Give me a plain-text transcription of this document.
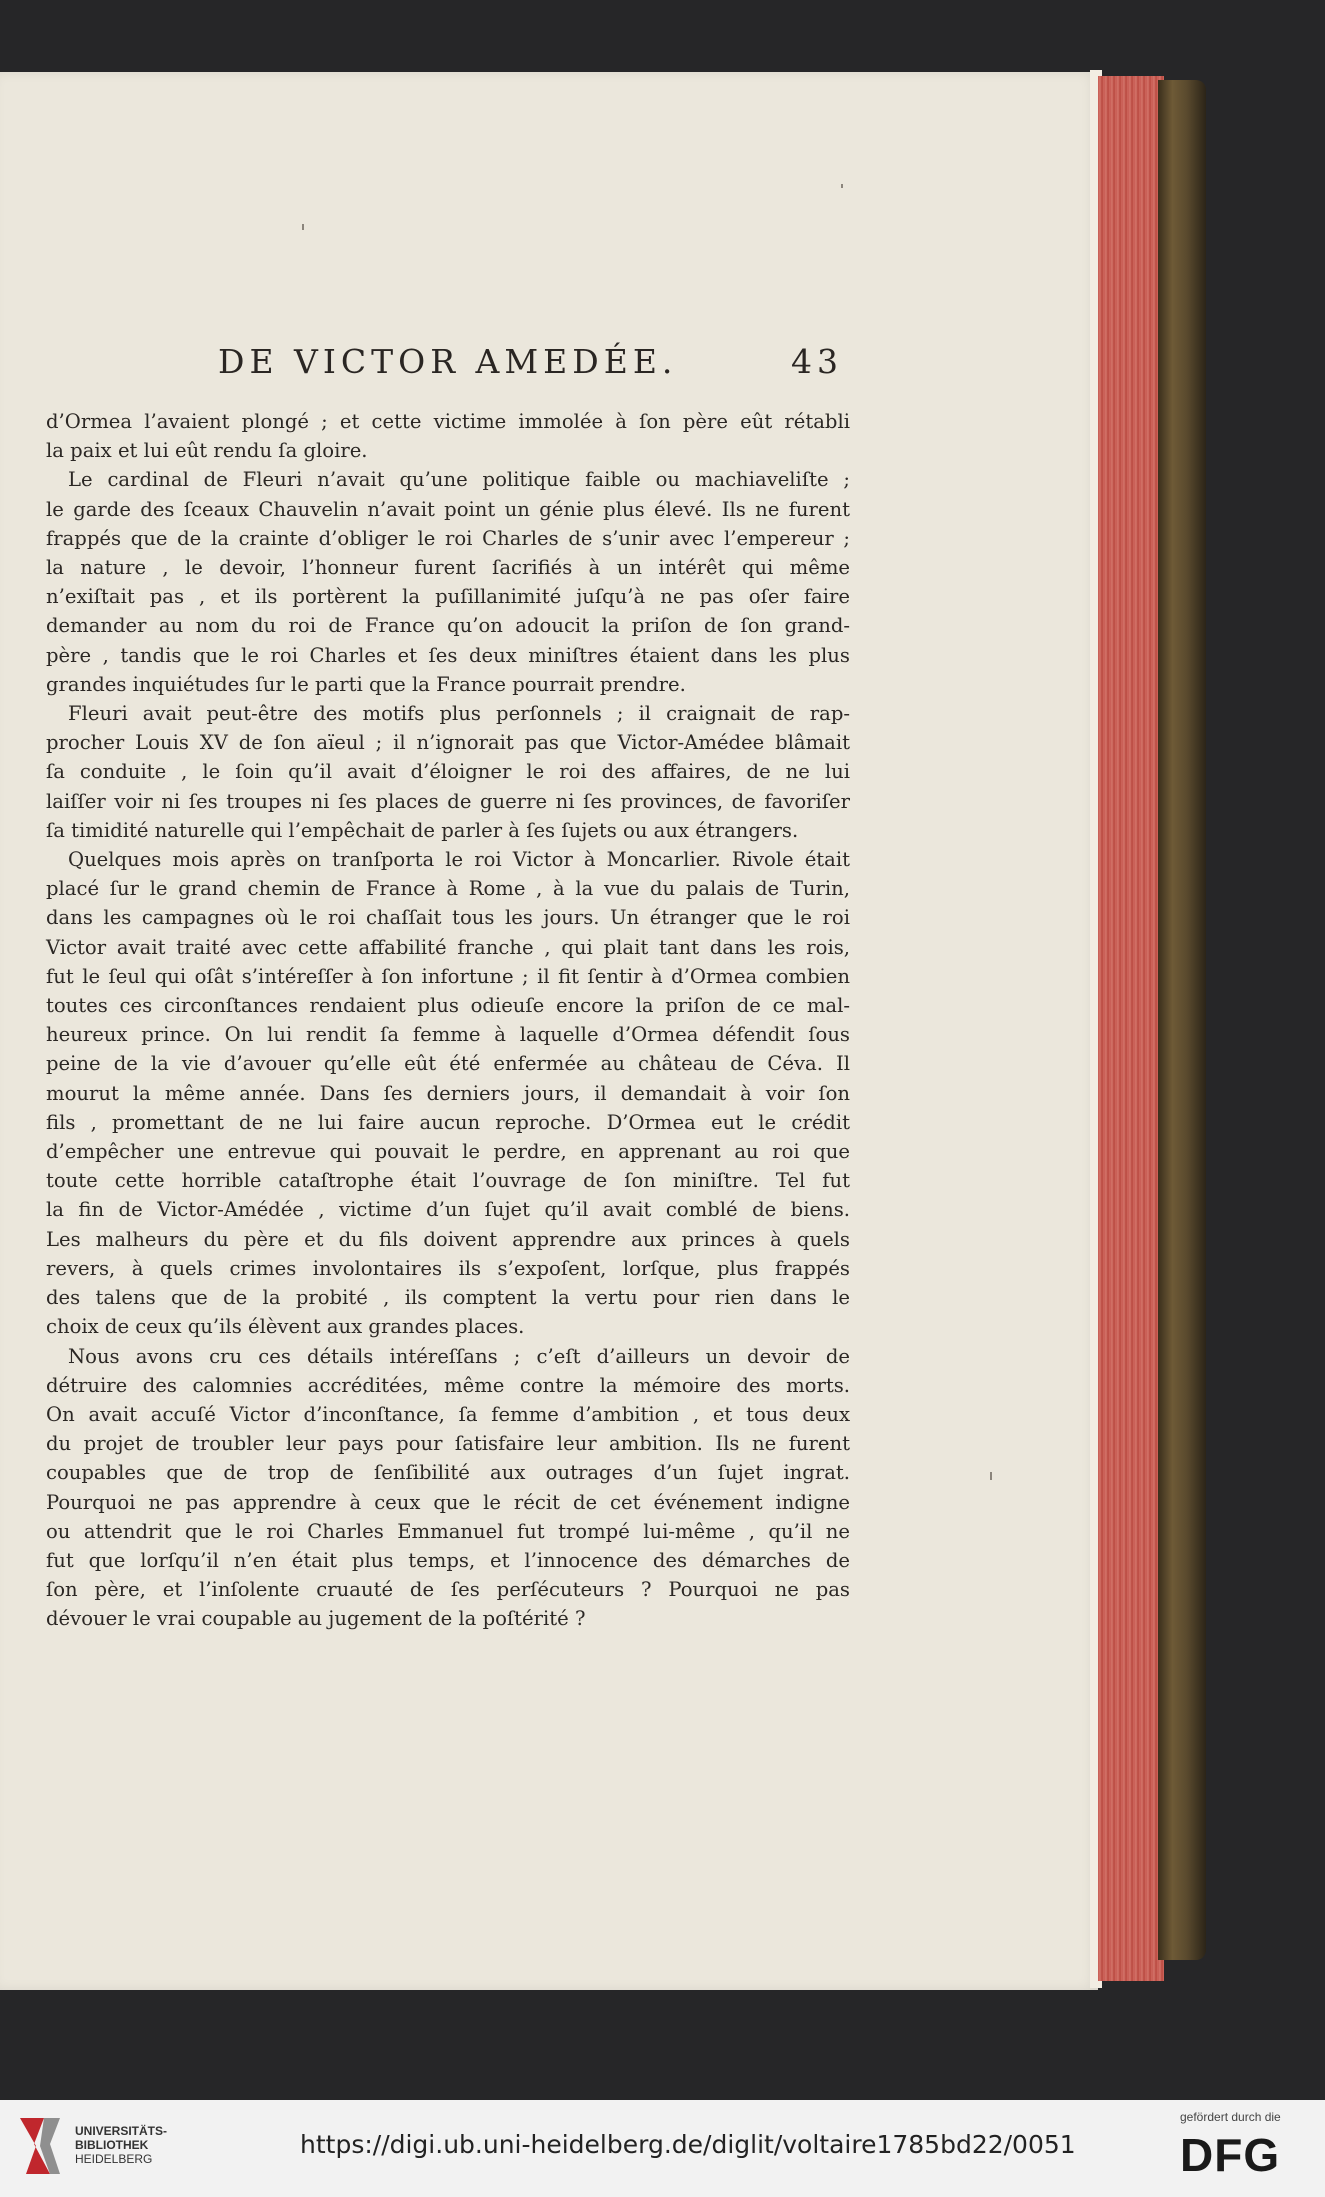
DE VICTOR AMEDÉE.	43
d’Ormea l’avaient plongé ; et cette victime immolée à ſon père eût rétabli
la paix et lui eût rendu ſa gloire.
Le cardinal de Fleuri n’avait qu’une politique faible ou machiaveliſte ;
le garde des ſceaux Chauvelin n’avait point un génie plus élevé. Ils ne furent
frappés que de la crainte d’obliger le roi Charles de s’unir avec l’empereur ;
la nature , le devoir, l’honneur furent ſacrifiés à un intérêt qui même
n’exiſtait pas , et ils portèrent la puſillanimité juſqu’à ne pas oſer faire
demander au nom du roi de France qu’on adoucit la priſon de ſon grand-
père , tandis que le roi Charles et ſes deux miniſtres étaient dans les plus
grandes inquiétudes ſur le parti que la France pourrait prendre.
Fleuri avait peut-être des motifs plus perſonnels ; il craignait de rap-
procher Louis XV de ſon aïeul ; il n’ignorait pas que Victor-Amédee blâmait
ſa conduite , le ſoin qu’il avait d’éloigner le roi des affaires, de ne lui
laiſſer voir ni ſes troupes ni ſes places de guerre ni ſes provinces, de favoriſer
ſa timidité naturelle qui l’empêchait de parler à ſes ſujets ou aux étrangers.
Quelques mois après on tranſporta le roi Victor à Moncarlier. Rivole était
placé ſur le grand chemin de France à Rome , à la vue du palais de Turin,
dans les campagnes où le roi chaſſait tous les jours. Un étranger que le roi
Victor avait traité avec cette affabilité franche , qui plait tant dans les rois,
fut le ſeul qui oſât s’intéreſſer à ſon infortune ; il fit ſentir à d’Ormea combien
toutes ces circonſtances rendaient plus odieuſe encore la priſon de ce mal-
heureux prince. On lui rendit ſa femme à laquelle d’Ormea défendit ſous
peine de la vie d’avouer qu’elle eût été enfermée au château de Céva. Il
mourut la même année. Dans ſes derniers jours, il demandait à voir ſon
fils , promettant de ne lui faire aucun reproche. D’Ormea eut le crédit
d’empêcher une entrevue qui pouvait le perdre, en apprenant au roi que
toute cette horrible cataſtrophe était l’ouvrage de ſon miniſtre. Tel fut
la fin de Victor-Amédée , victime d’un ſujet qu’il avait comblé de biens.
Les malheurs du père et du fils doivent apprendre aux princes à quels
revers, à quels crimes involontaires ils s’expoſent, lorſque, plus frappés
des talens que de la probité , ils comptent la vertu pour rien dans le
choix de ceux qu’ils élèvent aux grandes places.
Nous avons cru ces détails intéreſſans ; c’eſt d’ailleurs un devoir de
détruire des calomnies accréditées, même contre la mémoire des morts.
On avait accuſé Victor d’inconſtance, ſa femme d’ambition , et tous deux
du projet de troubler leur pays pour ſatisfaire leur ambition. Ils ne furent
coupables que de trop de ſenſibilité aux outrages d’un ſujet ingrat.
Pourquoi ne pas apprendre à ceux que le récit de cet événement indigne
ou attendrit que le roi Charles Emmanuel fut trompé lui-même , qu’il ne
fut que lorſqu’il n’en était plus temps, et l’innocence des démarches de
ſon père, et l’inſolente cruauté de ſes perſécuteurs ? Pourquoi ne pas
dévouer le vrai coupable au jugement de la poſtérité ?
UNIVERSITÄTS-
BIBLIOTHEK
HEIDELBERG	https://digi.ub.uni-heidelberg.de/diglit/voltaire1785bd22/0051
gefördert durch die
DFG
